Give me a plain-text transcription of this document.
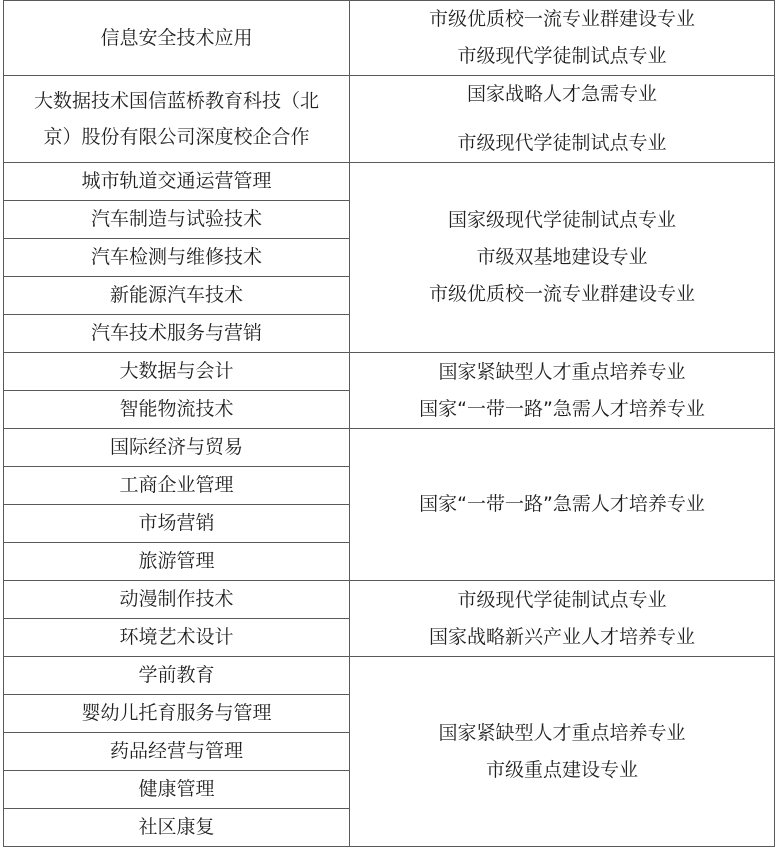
信息安全技术应用	市级优质校一流专业群建设专业
市级现代学徒制试点专业

大数据技术国信蓝桥教育科技（北
京）股份有限公司深度校企合作	国家战略人才急需专业
市级现代学徒制试点专业

城市轨道交通运营管理	国家级现代学徒制试点专业
市级双基地建设专业
市级优质校一流专业群建设专业

汽车制造与试验技术	
汽车检测与维修技术	
新能源汽车技术	
汽车技术服务与营销	
大数据与会计	国家紧缺型人才重点培养专业
国家“一带一路”急需人才培养专业

智能物流技术	
国际经济与贸易	国家“一带一路”急需人才培养专业

工商企业管理	
市场营销	
旅游管理	
动漫制作技术	市级现代学徒制试点专业
国家战略新兴产业人才培养专业

环境艺术设计	
学前教育	国家紧缺型人才重点培养专业
市级重点建设专业

婴幼儿托育服务与管理	
药品经营与管理	
健康管理	
社区康复	
